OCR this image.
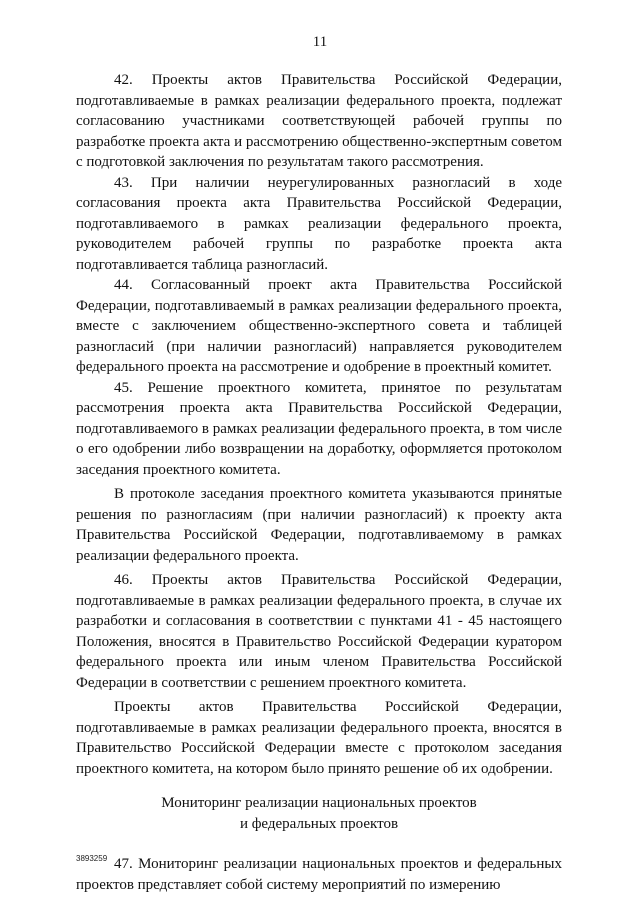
11

42. Проекты актов Правительства Российской Федерации, подготавливаемые в рамках реализации федерального проекта, подлежат согласованию участниками соответствующей рабочей группы по разработке проекта акта и рассмотрению общественно-экспертным советом с подготовкой заключения по результатам такого рассмотрения.

43. При наличии неурегулированных разногласий в ходе согласования проекта акта Правительства Российской Федерации, подготавливаемого в рамках реализации федерального проекта, руководителем рабочей группы по разработке проекта акта подготавливается таблица разногласий.

44. Согласованный проект акта Правительства Российской Федерации, подготавливаемый в рамках реализации федерального проекта, вместе с заключением общественно-экспертного совета и таблицей разногласий (при наличии разногласий) направляется руководителем федерального проекта на рассмотрение и одобрение в проектный комитет.

45. Решение проектного комитета, принятое по результатам рассмотрения проекта акта Правительства Российской Федерации, подготавливаемого в рамках реализации федерального проекта, в том числе о его одобрении либо возвращении на доработку, оформляется протоколом заседания проектного комитета.

В протоколе заседания проектного комитета указываются принятые решения по разногласиям (при наличии разногласий) к проекту акта Правительства Российской Федерации, подготавливаемому в рамках реализации федерального проекта.

46. Проекты актов Правительства Российской Федерации, подготавливаемые в рамках реализации федерального проекта, в случае их разработки и согласования в соответствии с пунктами 41 - 45 настоящего Положения, вносятся в Правительство Российской Федерации куратором федерального проекта или иным членом Правительства Российской Федерации в соответствии с решением проектного комитета.

Проекты актов Правительства Российской Федерации, подготавливаемые в рамках реализации федерального проекта, вносятся в Правительство Российской Федерации вместе с протоколом заседания проектного комитета, на котором было принято решение об их одобрении.

Мониторинг реализации национальных проектов
и федеральных проектов

47. Мониторинг реализации национальных проектов и федеральных проектов представляет собой систему мероприятий по измерению

3893259
